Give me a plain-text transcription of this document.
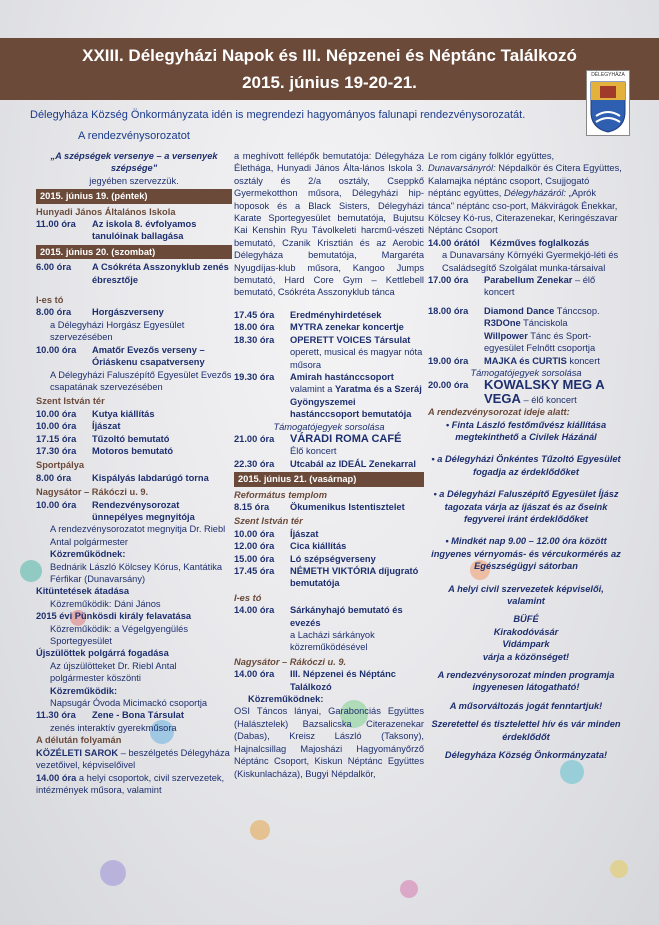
XXIII. Délegyházi Napok és III. Népzenei és Néptánc Találkozó
2015. június 19-20-21.	DÉLEGYHÁZA
Délegyháza Község Önkormányzata idén is megrendezi hagyományos falunapi rendezvénysorozatát.
A rendezvénysorozatot
„A szépségek versenye – a versenyek
szépsége"
jegyében szervezzük.
2015. június 19. (péntek)
Hunyadi János Általános Iskola
11.00 óra	Az iskola 8. évfolyamos tanulóinak ballagása
2015. június 20. (szombat)
6.00 óra	A Csókréta Asszonyklub zenés ébresztője
I-es tó
8.00 óra	Horgászverseny
a Délegyházi Horgász Egyesület szervezésében
10.00 óra	Amatőr Evezős verseny – Óriáskenu csapatverseny
A Délegyházi Faluszépítő Egyesület Evezős csapatának szervezésében
Szent István tér
10.00 óra	Kutya kiállítás
10.00 óra	Íjászat
17.15 óra	Tűzoltó bemutató
17.30 óra	Motoros bemutató
Sportpálya
8.00 óra	Kispályás labdarúgó torna
Nagysátor – Rákóczi u. 9.
10.00 óra	Rendezvénysorozat ünnepélyes megnyitója
A rendezvénysorozatot megnyitja Dr. Riebl Antal polgármester
Közreműködnek:
Bednárik László Kölcsey Kórus, Kantátika Férfikar (Dunavarsány)
Kitüntetések átadása
Közreműködik: Dáni János
2015 évi Pünkösdi király felavatása
Közreműködik: a Végelgyengülés Sportegyesület
Újszülöttek polgárrá fogadása
Az újszülötteket Dr. Riebl Antal polgármester köszönti
Közreműködik:
Napsugár Óvoda Micimackó csoportja
11.30 óra	Zene - Bona Társulat
zenés interaktív gyerekműsora
A délután folyamán
KÖZÉLETI SAROK – beszélgetés Délegyháza vezetőivel, képviselőivel
14.00 óra a helyi csoportok, civil szervezetek, intézmények műsora, valamint
a meghívott fellépők bemutatója: Délegyháza Élethága, Hunyadi János Álta-lános Iskola 3. osztály és 2/a osztály, Cseppkő Gyermekotthon műsora, Délegyházi hip-hoposok és a Black Sisters, Délegyházi Karate Sportegyesület bemutatója, Bujutsu Kai Kenshin Ryu Távolkeleti harcmű-vészeti bemutató, Czanik Krisztián és az Aerobic Délegyháza bemutatója, Margaréta Nyugdíjas-klub műsora, Kangoo Jumps bemutató, Hard Core Gym – Kettlebell bemutató, Csókréta Asszonyklub tánca
17.45 óra	Eredményhirdetések
18.00 óra	MYTRA zenekar koncertje
18.30 óra	OPERETT VOICES Társulat
operett, musical és magyar nóta műsora
19.30 óra	Amirah hastánccsoport
valamint a Yaratma és a Szeráj Gyöngyszemei hastánccsoport bemutatója
Támogatójegyek sorsolása
21.00 óra	VÁRADI ROMA CAFÉ
Élő koncert
22.30 óra	Utcabál az IDEÁL Zenekarral
2015. június 21. (vasárnap)
Református templom
8.15 óra	Ökumenikus Istentisztelet
Szent István tér
10.00 óra	Íjászat
12.00 óra	Cica kiállítás
15.00 óra	Ló szépségverseny
17.45 óra	NÉMETH VIKTÓRIA díjugrató bemutatója
I-es tó
14.00 óra	Sárkányhajó bemutató és evezés
a Lacházi sárkányok közreműködésével
Nagysátor – Rákóczi u. 9.
14.00 óra	III. Népzenei és Néptánc Találkozó
Közreműködnek:
OSI Táncos lányai, Garabonciás Együttes (Halásztelek) Bazsalicska Citerazenekar (Dabas), Kreisz László (Taksony), Hajnalcsillag Majosházi Hagyományőrző Néptánc Csoport, Kiskun Néptánc Együttes (Kiskunlacháza), Bugyi Népdalkör,
Le rom cigány folklór együttes, Dunavarsányról: Népdalkör és Citera Együttes, Kalamajka néptánc csoport, Csujjogató néptánc együttes, Délegyházáról: „Aprók tánca" néptánc cso-port, Mákvirágok Énekkar, Kölcsey Kó-rus, Citerazenekar, Keringészavar Néptánc Csoport
14.00 órától	Kézműves foglalkozás
a Dunavarsány Környéki Gyermekjó-léti és Családsegítő Szolgálat munka-társaival
17.00 óra	Parabellum Zenekar – élő koncert
18.00 óra	Diamond Dance Tánccsop.
R3DOne Tánciskola
Willpower Tánc és Sport-egyesület Felnőtt csoportja
19.00 óra	MAJKA és CURTIS koncert
Támogatójegyek sorsolása
20.00 óra	KOWALSKY MEG A VEGA – élő koncert
A rendezvénysorozat ideje alatt:
• Finta László festőművész kiállítása megtekinthető a Civilek Házánál
• a Délegyházi Önkéntes Tűzoltó Egyesület fogadja az érdeklődőket
• a Délegyházi Faluszépítő Egyesület Íjász tagozata várja az íjászat és az őseink fegyverei iránt érdeklődőket
• Mindkét nap 9.00 – 12.00 óra között ingyenes vérnyomás- és vércukormérés az Egészségügyi sátorban
A helyi civil szervezetek képviselői, valamint
BÜFÉ
Kirakodóvásár
Vidámpark
várja a közönséget!
A rendezvénysorozat minden programja ingyenesen látogatható!
A műsorváltozás jogát fenntartjuk!
Szeretettel és tisztelettel hív és vár minden érdeklődőt
Délegyháza Község Önkormányzata!
